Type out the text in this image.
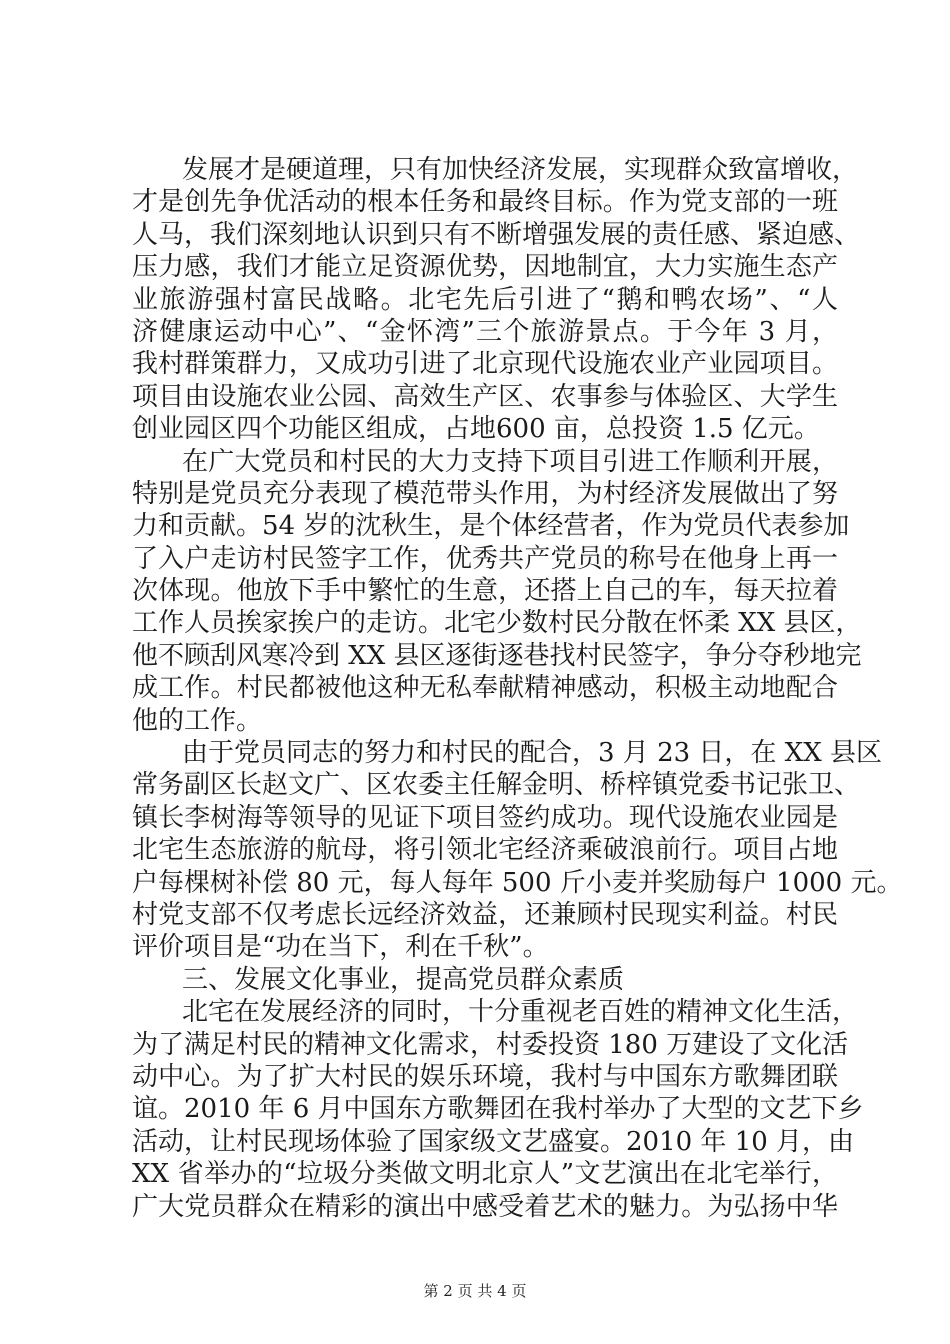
发展才是硬道理，只有加快经济发展，实现群众致富增收，
才是创先争优活动的根本任务和最终目标。作为党支部的一班
人马，我们深刻地认识到只有不断增强发展的责任感、紧迫感、
压力感，我们才能立足资源优势，因地制宜，大力实施生态产
业旅游强村富民战略。北宅先后引进了“鹅和鸭农场”、“人
济健康运动中心”、“金怀湾”三个旅游景点。于今年 3 月，
我村群策群力，又成功引进了北京现代设施农业产业园项目。
项目由设施农业公园、高效生产区、农事参与体验区、大学生
创业园区四个功能区组成，占地600 亩，总投资 1.5 亿元。
在广大党员和村民的大力支持下项目引进工作顺利开展，
特别是党员充分表现了模范带头作用，为村经济发展做出了努
力和贡献。54 岁的沈秋生，是个体经营者，作为党员代表参加
了入户走访村民签字工作，优秀共产党员的称号在他身上再一
次体现。他放下手中繁忙的生意，还搭上自己的车，每天拉着
工作人员挨家挨户的走访。北宅少数村民分散在怀柔 XX 县区，
他不顾刮风寒冷到 XX 县区逐街逐巷找村民签字，争分夺秒地完
成工作。村民都被他这种无私奉献精神感动，积极主动地配合
他的工作。
由于党员同志的努力和村民的配合，3 月 23 日，在 XX 县区
常务副区长赵文广、区农委主任解金明、桥梓镇党委书记张卫、
镇长李树海等领导的见证下项目签约成功。现代设施农业园是
北宅生态旅游的航母，将引领北宅经济乘破浪前行。项目占地
户每棵树补偿 80 元，每人每年 500 斤小麦并奖励每户 1000 元。
村党支部不仅考虑长远经济效益，还兼顾村民现实利益。村民
评价项目是“功在当下，利在千秋”。
三、发展文化事业，提高党员群众素质
北宅在发展经济的同时，十分重视老百姓的精神文化生活，
为了满足村民的精神文化需求，村委投资 180 万建设了文化活
动中心。为了扩大村民的娱乐环境，我村与中国东方歌舞团联
谊。2010 年 6 月中国东方歌舞团在我村举办了大型的文艺下乡
活动，让村民现场体验了国家级文艺盛宴。2010 年 10 月，由
XX 省举办的“垃圾分类做文明北京人”文艺演出在北宅举行，
广大党员群众在精彩的演出中感受着艺术的魅力。为弘扬中华
第 2 页 共 4 页
